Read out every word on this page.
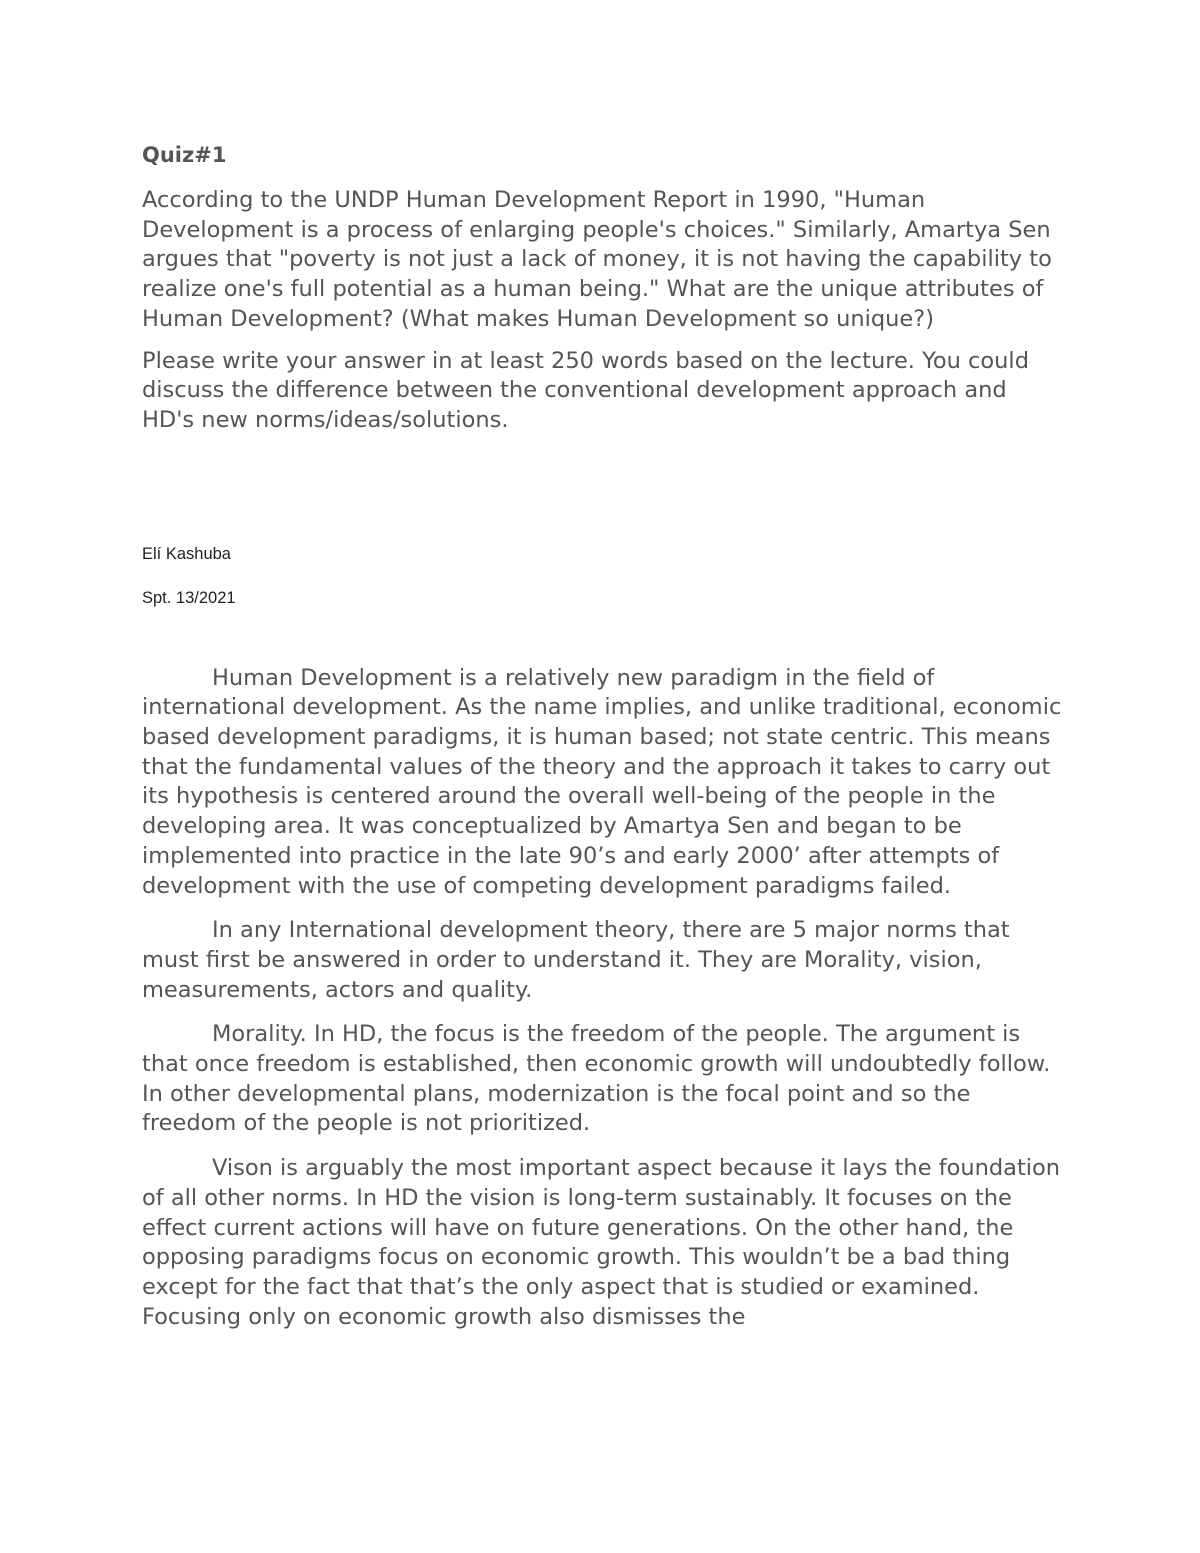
Quiz#1

According to the UNDP Human Development Report in 1990, "Human Development is a process of enlarging people's choices." Similarly, Amartya Sen argues that "poverty is not just a lack of money, it is not having the capability to realize one's full potential as a human being." What are the unique attributes of Human Development? (What makes Human Development so unique?)

Please write your answer in at least 250 words based on the lecture. You could discuss the difference between the conventional development approach and HD's new norms/ideas/solutions.

Elí Kashuba

Spt. 13/2021

Human Development is a relatively new paradigm in the field of international development. As the name implies, and unlike traditional, economic based development paradigms, it is human based; not state centric. This means that the fundamental values of the theory and the approach it takes to carry out its hypothesis is centered around the overall well-being of the people in the developing area. It was conceptualized by Amartya Sen and began to be implemented into practice in the late 90’s and early 2000’ after attempts of development with the use of competing development paradigms failed.

In any International development theory, there are 5 major norms that must first be answered in order to understand it. They are Morality, vision, measurements, actors and quality.

Morality. In HD, the focus is the freedom of the people. The argument is that once freedom is established, then economic growth will undoubtedly follow. In other developmental plans, modernization is the focal point and so the freedom of the people is not prioritized.

Vison is arguably the most important aspect because it lays the foundation of all other norms. In HD the vision is long-term sustainably. It focuses on the effect current actions will have on future generations. On the other hand, the opposing paradigms focus on economic growth. This wouldn’t be a bad thing except for the fact that that’s the only aspect that is studied or examined. Focusing only on economic growth also dismisses the
